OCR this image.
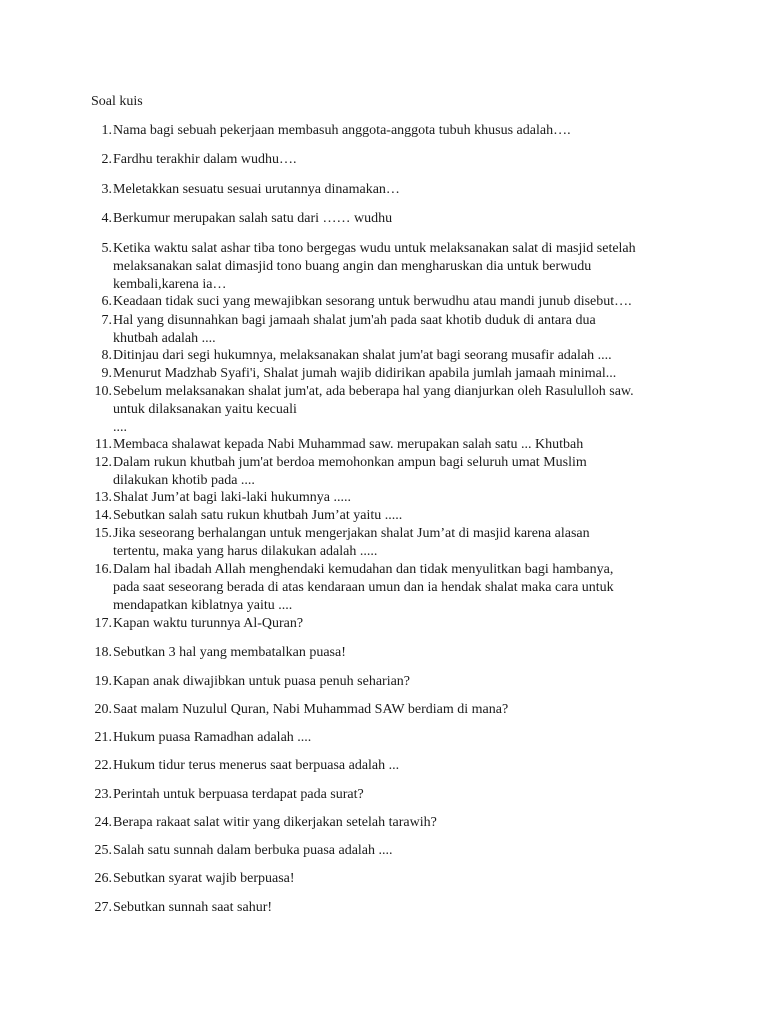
Soal kuis

1. Nama bagi sebuah pekerjaan membasuh anggota-anggota tubuh khusus adalah….
2. Fardhu terakhir dalam wudhu….
3. Meletakkan sesuatu sesuai urutannya dinamakan…
4. Berkumur merupakan salah satu dari …… wudhu
5. Ketika waktu salat ashar tiba tono bergegas wudu untuk melaksanakan salat di masjid setelah
melaksanakan salat dimasjid tono buang angin dan mengharuskan dia untuk berwudu
kembali,karena ia…
6. Keadaan tidak suci yang mewajibkan sesorang untuk berwudhu atau mandi junub disebut….
7. Hal yang disunnahkan bagi jamaah shalat jum'ah pada saat khotib duduk di antara dua
khutbah adalah ....
8. Ditinjau dari segi hukumnya, melaksanakan shalat jum'at bagi seorang musafir adalah ....
9. Menurut Madzhab Syafi'i, Shalat jumah wajib didirikan apabila jumlah jamaah minimal...
10. Sebelum melaksanakan shalat jum'at, ada beberapa hal yang dianjurkan oleh Rasululloh saw.
untuk dilaksanakan yaitu kecuali
....
11. Membaca shalawat kepada Nabi Muhammad saw. merupakan salah satu ... Khutbah
12. Dalam rukun khutbah jum'at berdoa memohonkan ampun bagi seluruh umat Muslim
dilakukan khotib pada ....
13. Shalat Jum’at bagi laki-laki hukumnya .....
14. Sebutkan salah satu rukun khutbah Jum’at yaitu .....
15. Jika seseorang berhalangan untuk mengerjakan shalat Jum’at di masjid karena alasan
tertentu, maka yang harus dilakukan adalah .....
16. Dalam hal ibadah Allah menghendaki kemudahan dan tidak menyulitkan bagi hambanya,
pada saat seseorang berada di atas kendaraan umun dan ia hendak shalat maka cara untuk
mendapatkan kiblatnya yaitu ....
17. Kapan waktu turunnya Al-Quran?
18. Sebutkan 3 hal yang membatalkan puasa!
19. Kapan anak diwajibkan untuk puasa penuh seharian?
20. Saat malam Nuzulul Quran, Nabi Muhammad SAW berdiam di mana?
21. Hukum puasa Ramadhan adalah ....
22. Hukum tidur terus menerus saat berpuasa adalah ...
23. Perintah untuk berpuasa terdapat pada surat?
24. Berapa rakaat salat witir yang dikerjakan setelah tarawih?
25. Salah satu sunnah dalam berbuka puasa adalah ....
26. Sebutkan syarat wajib berpuasa!
27. Sebutkan sunnah saat sahur!
